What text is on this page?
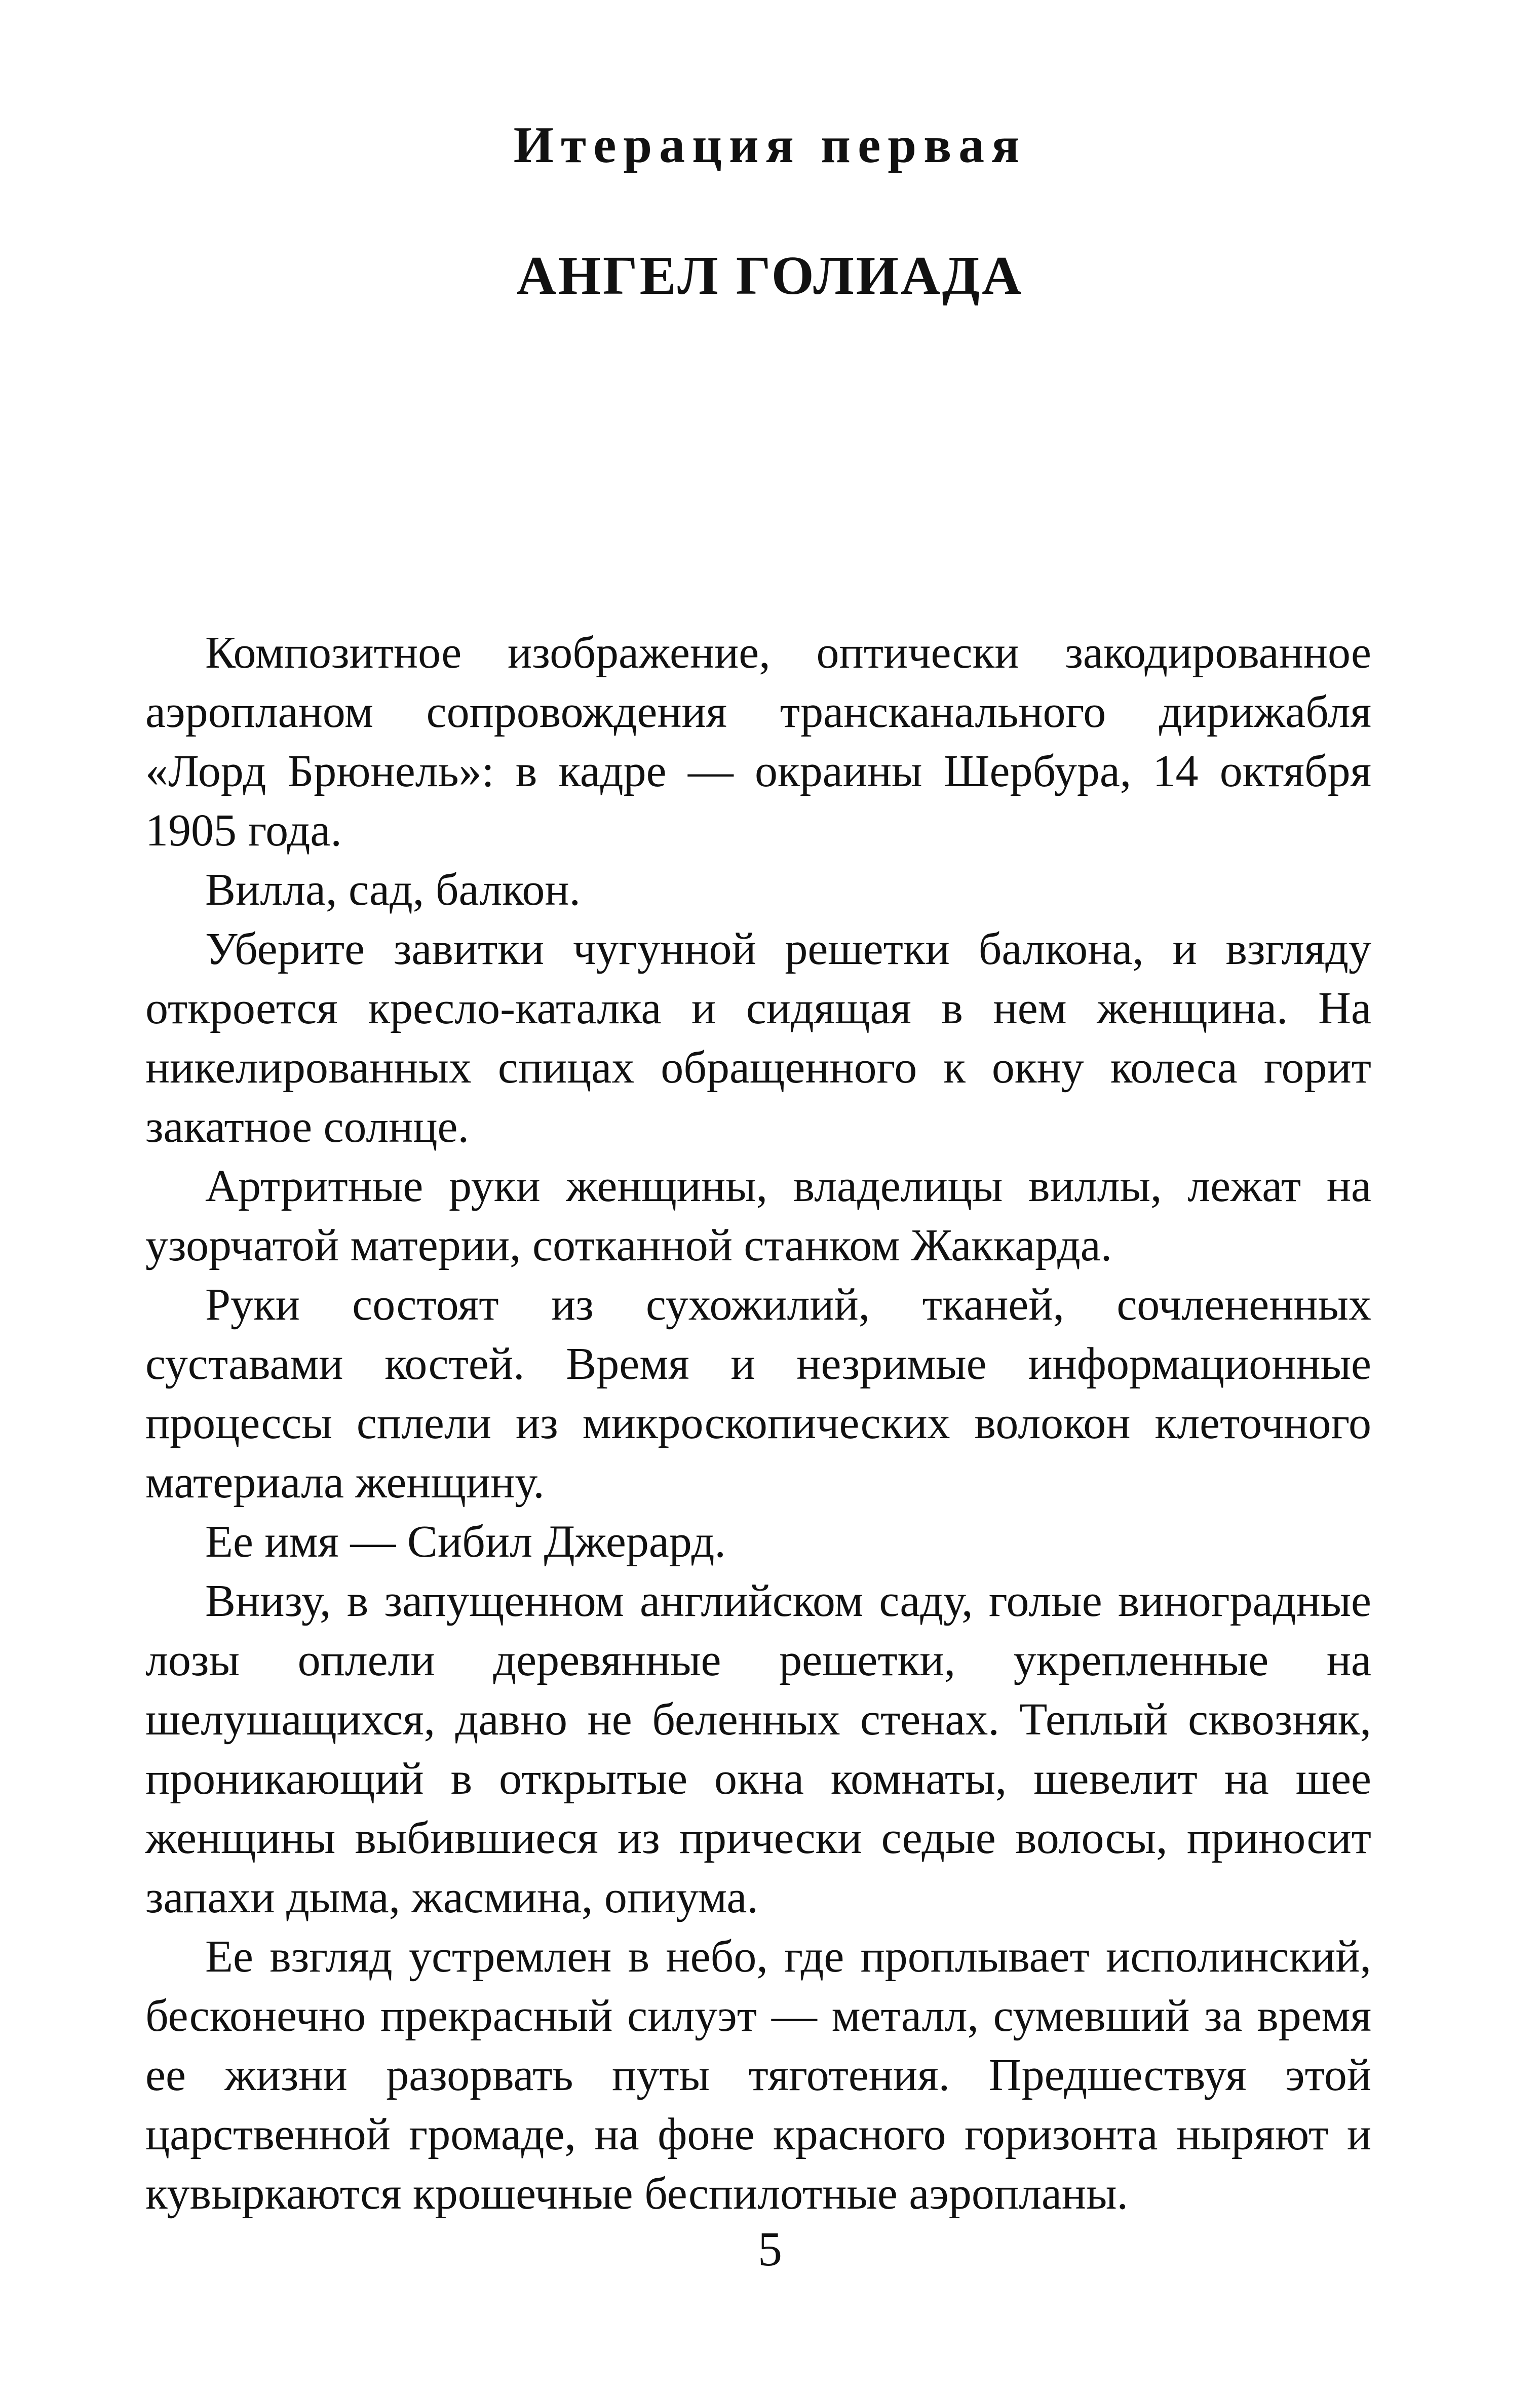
Итерация первая
АНГЕЛ ГОЛИАДА

Композитное изображение, оптически закодированное аэропланом сопровождения трансканального дирижабля «Лорд Брюнель»: в кадре — окраины Шербура, 14 октября 1905 года.

Вилла, сад, балкон.

Уберите завитки чугунной решетки балкона, и взгляду откроется кресло-каталка и сидящая в нем женщина. На никелированных спицах обращенного к окну колеса горит закатное солнце.

Артритные руки женщины, владелицы виллы, лежат на узорчатой материи, сотканной станком Жаккарда.

Руки состоят из сухожилий, тканей, сочлененных суставами костей. Время и незримые информационные процессы сплели из микроскопических волокон клеточного материала женщину.

Ее имя — Сибил Джерард.

Внизу, в запущенном английском саду, голые виноградные лозы оплели деревянные решетки, укрепленные на шелушащихся, давно не беленных стенах. Теплый сквозняк, проникающий в открытые окна комнаты, шевелит на шее женщины выбившиеся из прически седые волосы, приносит запахи дыма, жасмина, опиума.

Ее взгляд устремлен в небо, где проплывает исполинский, бесконечно прекрасный силуэт — металл, сумевший за время ее жизни разорвать путы тяготения. Предшествуя этой царственной громаде, на фоне красного горизонта ныряют и кувыркаются крошечные беспилотные аэропланы.

5
